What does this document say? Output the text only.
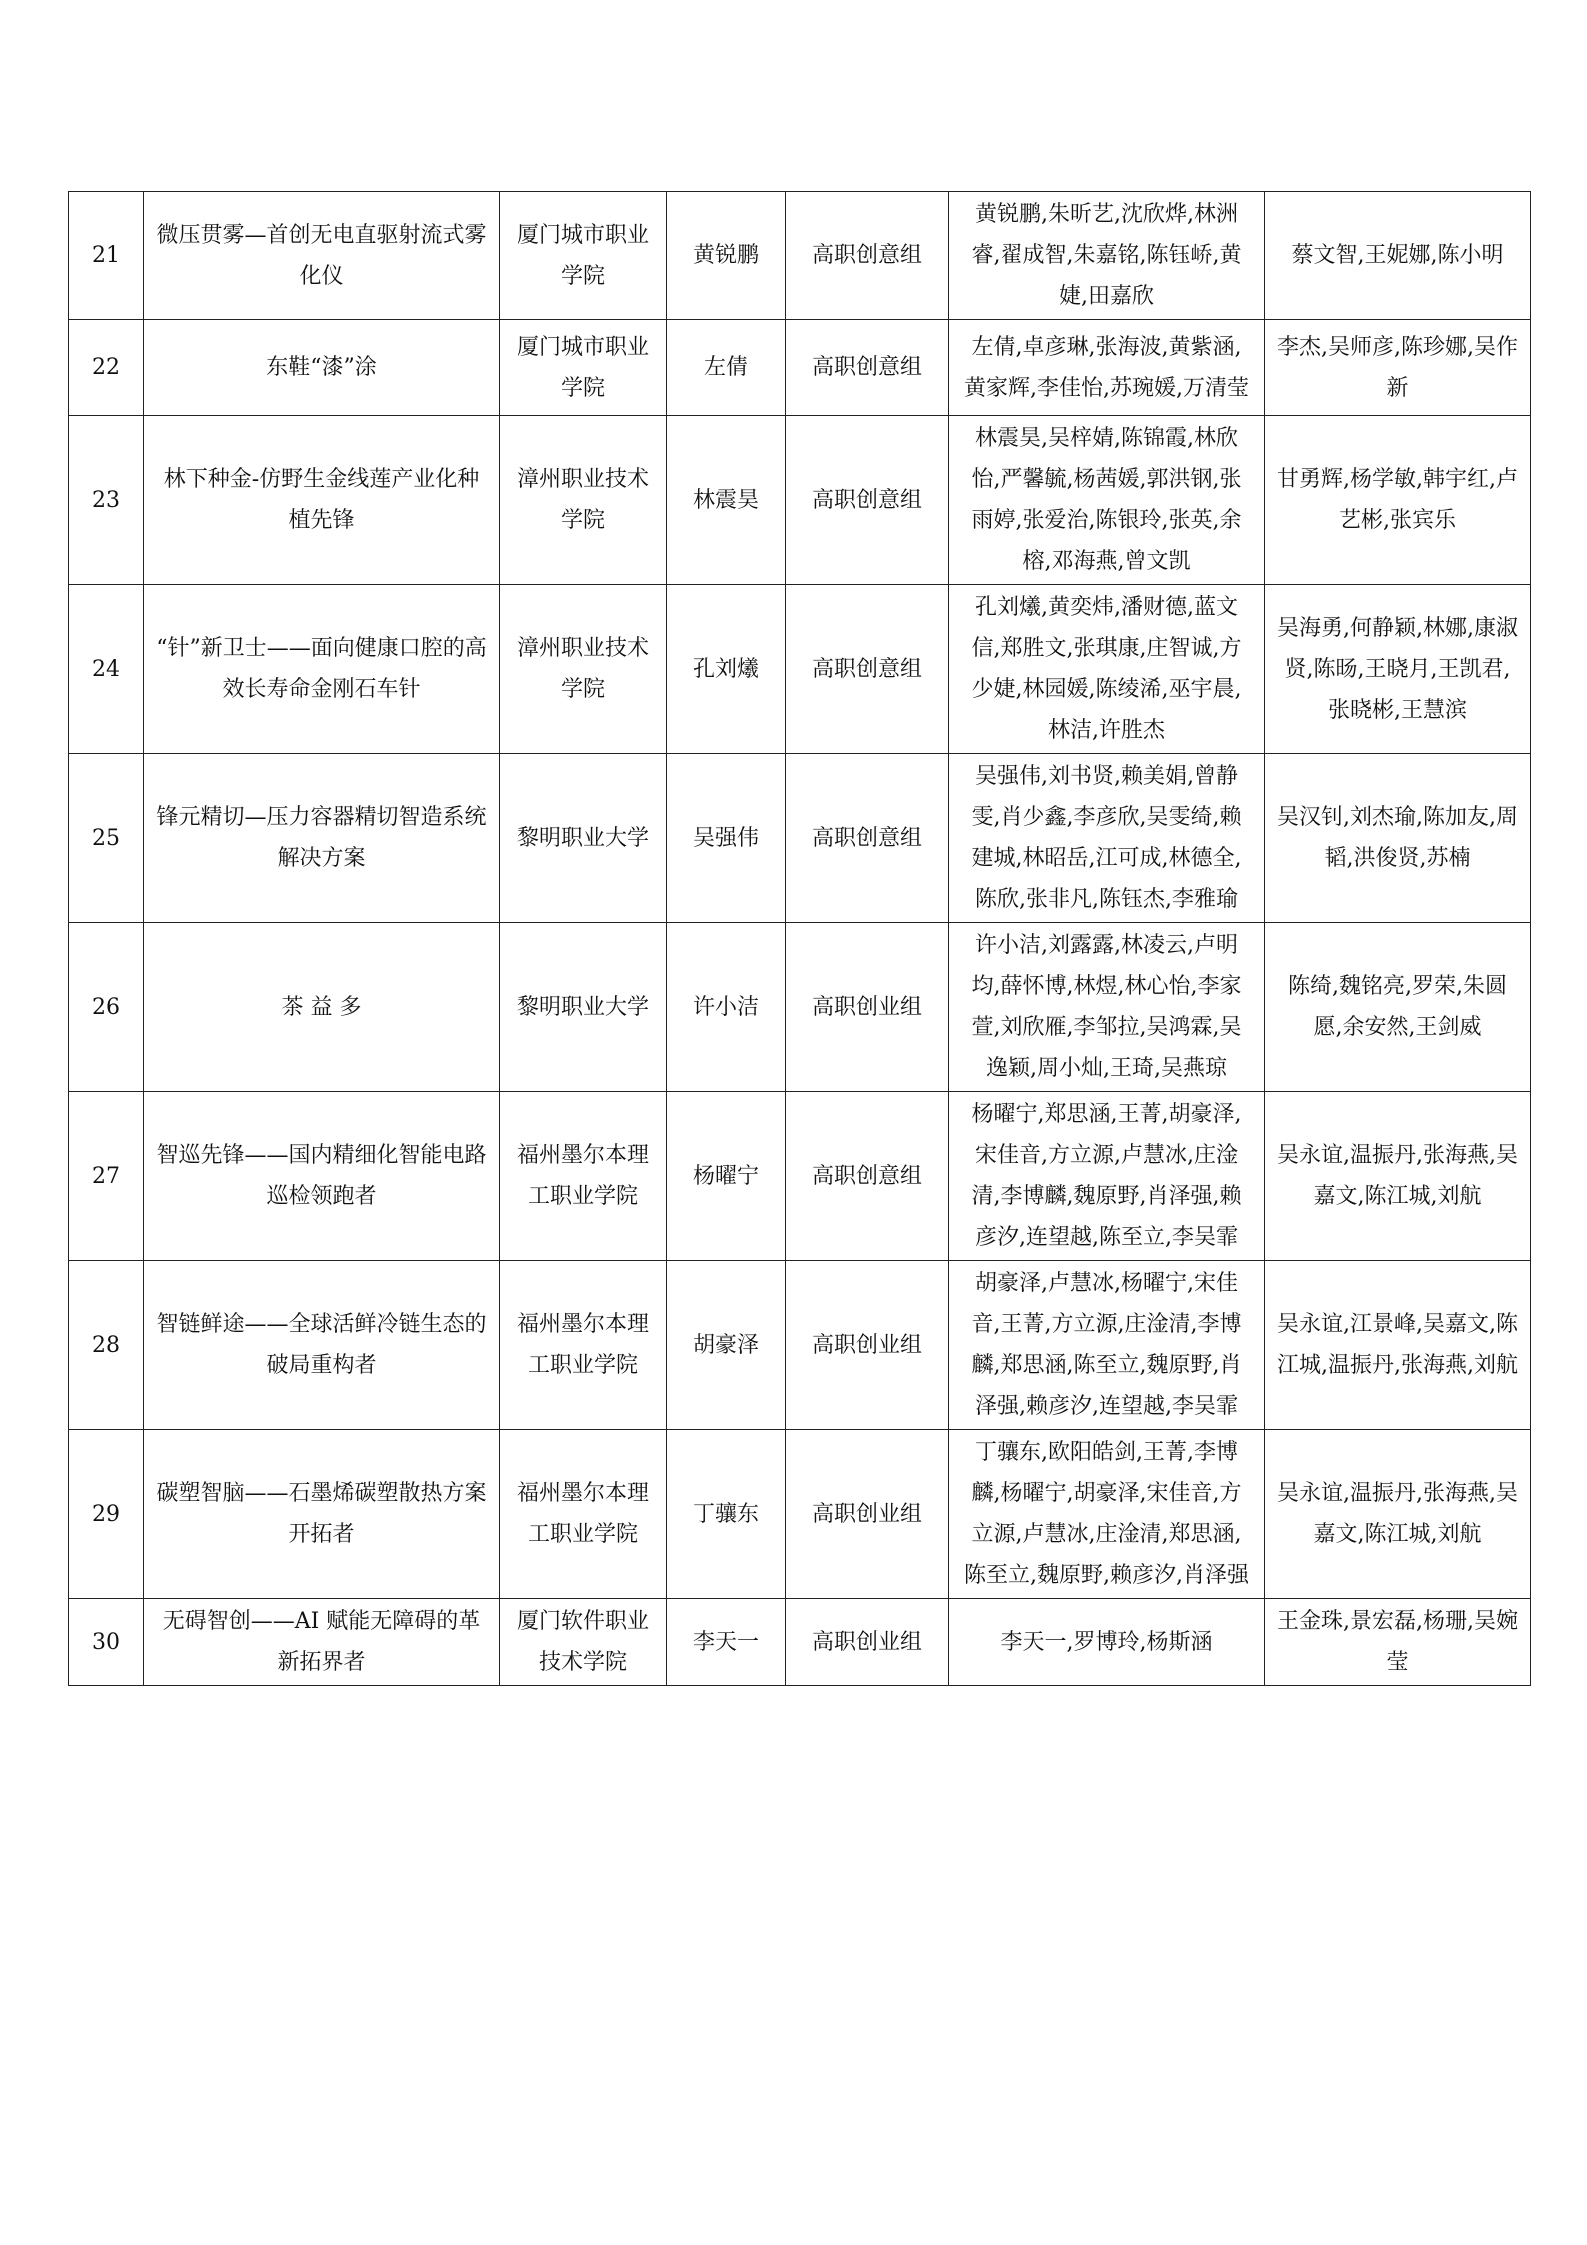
21	微压贯雾—首创无电直驱射流式雾化仪	厦门城市职业学院	黄锐鹏	高职创意组	黄锐鹏,朱昕艺,沈欣烨,林洲睿,翟成智,朱嘉铭,陈钰峤,黄婕,田嘉欣	蔡文智,王妮娜,陈小明
22	东鞋“漆”涂	厦门城市职业学院	左倩	高职创意组	左倩,卓彦琳,张海波,黄紫涵,黄家辉,李佳怡,苏琬媛,万清莹	李杰,吴师彦,陈珍娜,吴作新
23	林下种金-仿野生金线莲产业化种植先锋	漳州职业技术学院	林震昊	高职创意组	林震昊,吴梓婧,陈锦霞,林欣怡,严馨毓,杨茜媛,郭洪钢,张雨婷,张爱治,陈银玲,张英,余榕,邓海燕,曾文凯	甘勇辉,杨学敏,韩宇红,卢艺彬,张宾乐
24	“针”新卫士——面向健康口腔的高效长寿命金刚石车针	漳州职业技术学院	孔刘爔	高职创意组	孔刘爔,黄奕炜,潘财德,蓝文信,郑胜文,张琪康,庄智诚,方少婕,林园媛,陈绫浠,巫宇晨,林洁,许胜杰	吴海勇,何静颖,林娜,康淑贤,陈旸,王晓月,王凯君,张晓彬,王慧滨
25	锋元精切—压力容器精切智造系统解决方案	黎明职业大学	吴强伟	高职创意组	吴强伟,刘书贤,赖美娟,曾静雯,肖少鑫,李彦欣,吴雯绮,赖建城,林昭岳,江可成,林德全,陈欣,张非凡,陈钰杰,李雅瑜	吴汉钊,刘杰瑜,陈加友,周韬,洪俊贤,苏楠
26	茶 益 多	黎明职业大学	许小洁	高职创业组	许小洁,刘露露,林凌云,卢明均,薛怀博,林煜,林心怡,李家萱,刘欣雁,李邹拉,吴鸿霖,吴逸颖,周小灿,王琦,吴燕琼	陈绮,魏铭亮,罗荣,朱圆愿,余安然,王剑威
27	智巡先锋——国内精细化智能电路巡检领跑者	福州墨尔本理工职业学院	杨曜宁	高职创意组	杨曜宁,郑思涵,王菁,胡豪泽,宋佳音,方立源,卢慧冰,庄淦清,李博麟,魏原野,肖泽强,赖彦汐,连望越,陈至立,李吴霏	吴永谊,温振丹,张海燕,吴嘉文,陈江城,刘航
28	智链鲜途——全球活鲜冷链生态的破局重构者	福州墨尔本理工职业学院	胡豪泽	高职创业组	胡豪泽,卢慧冰,杨曜宁,宋佳音,王菁,方立源,庄淦清,李博麟,郑思涵,陈至立,魏原野,肖泽强,赖彦汐,连望越,李吴霏	吴永谊,江景峰,吴嘉文,陈江城,温振丹,张海燕,刘航
29	碳塑智脑——石墨烯碳塑散热方案开拓者	福州墨尔本理工职业学院	丁骧东	高职创业组	丁骧东,欧阳皓剑,王菁,李博麟,杨曜宁,胡豪泽,宋佳音,方立源,卢慧冰,庄淦清,郑思涵,陈至立,魏原野,赖彦汐,肖泽强	吴永谊,温振丹,张海燕,吴嘉文,陈江城,刘航
30	无碍智创——AI 赋能无障碍的革新拓界者	厦门软件职业技术学院	李天一	高职创业组	李天一,罗博玲,杨斯涵	王金珠,景宏磊,杨珊,吴婉莹
